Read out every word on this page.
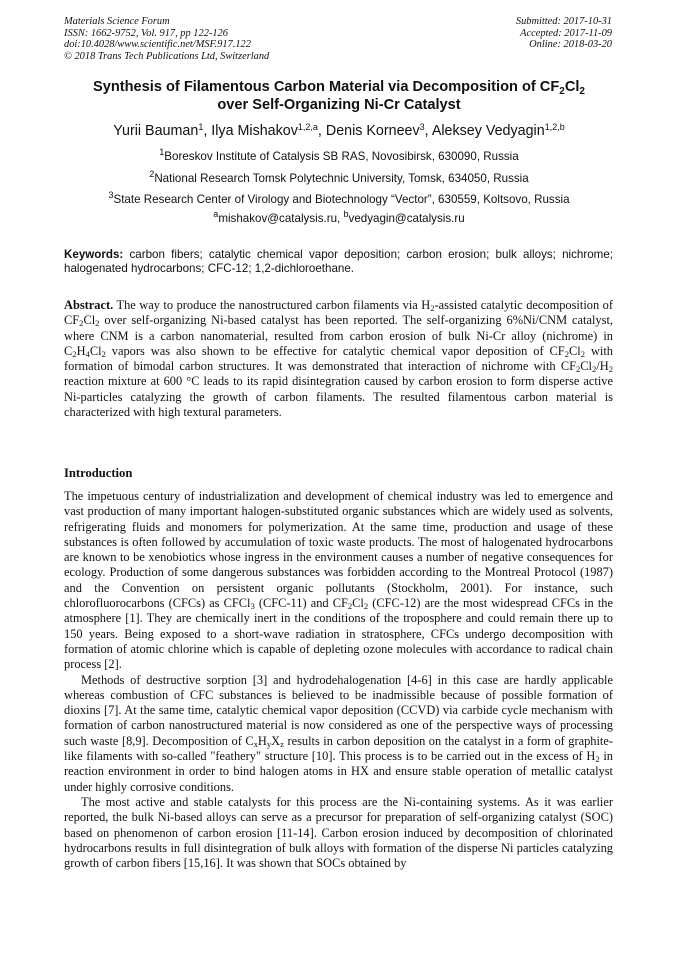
Materials Science Forum
ISSN: 1662-9752, Vol. 917, pp 122-126
doi:10.4028/www.scientific.net/MSF.917.122
© 2018 Trans Tech Publications Ltd, Switzerland
Submitted: 2017-10-31
Accepted: 2017-11-09
Online: 2018-03-20
Synthesis of Filamentous Carbon Material via Decomposition of $CF_2Cl_2$
over Self-Organizing Ni-Cr Catalyst
Yurii Bauman$^1$, Ilya Mishakov$^{1,2,a}$, Denis Korneev$^3$, Aleksey Vedyagin$^{1,2,b}$
$^1$Boreskov Institute of Catalysis SB RAS, Novosibirsk, 630090, Russia
$^2$National Research Tomsk Polytechnic University, Tomsk, 634050, Russia
$^3$State Research Center of Virology and Biotechnology “Vector”, 630559, Koltsovo, Russia
$^a$mishakov@catalysis.ru, $^b$vedyagin@catalysis.ru
Keywords: carbon fibers; catalytic chemical vapor deposition; carbon erosion; bulk alloys; nichrome; halogenated hydrocarbons; CFC-12; 1,2-dichloroethane.

Abstract. The way to produce the nanostructured carbon filaments via $H_2$-assisted catalytic decomposition of $CF_2Cl_2$ over self-organizing Ni-based catalyst has been reported. The self-organizing 6%Ni/CNM catalyst, where CNM is a carbon nanomaterial, resulted from carbon erosion of bulk Ni-Cr alloy (nichrome) in $C_2H_4Cl_2$ vapors was also shown to be effective for catalytic chemical vapor deposition of $CF_2Cl_2$ with formation of bimodal carbon structures. It was demonstrated that interaction of nichrome with $CF_2Cl_2/H_2$ reaction mixture at 600 °C leads to its rapid disintegration caused by carbon erosion to form disperse active Ni-particles catalyzing the growth of carbon filaments. The resulted filamentous carbon material is characterized with high textural parameters.

Introduction

The impetuous century of industrialization and development of chemical industry was led to emergence and vast production of many important halogen-substituted organic substances which are widely used as solvents, refrigerating fluids and monomers for polymerization. At the same time, production and usage of these substances is often followed by accumulation of toxic waste products. The most of halogenated hydrocarbons are known to be xenobiotics whose ingress in the environment causes a number of negative consequences for ecology. Production of some dangerous substances was forbidden according to the Montreal Protocol (1987) and the Convention on persistent organic pollutants (Stockholm, 2001). For instance, such chlorofluorocarbons (CFCs) as CFCl$_3$ (CFC-11) and $CF_2Cl_2$ (CFC-12) are the most widespread CFCs in the atmosphere [1]. They are chemically inert in the conditions of the troposphere and could remain there up to 150 years. Being exposed to a short-wave radiation in stratosphere, CFCs undergo decomposition with formation of atomic chlorine which is capable of depleting ozone molecules with accordance to radical chain process [2].

Methods of destructive sorption [3] and hydrodehalogenation [4-6] in this case are hardly applicable whereas combustion of CFC substances is believed to be inadmissible because of possible formation of dioxins [7]. At the same time, catalytic chemical vapor deposition (CCVD) via carbide cycle mechanism with formation of carbon nanostructured material is now considered as one of the perspective ways of processing such waste [8,9]. Decomposition of $C_xH_yX_z$ results in carbon deposition on the catalyst in a form of graphite-like filaments with so-called "feathery" structure [10]. This process is to be carried out in the excess of $H_2$ in reaction environment in order to bind halogen atoms in HX and ensure stable operation of metallic catalyst under highly corrosive conditions.

The most active and stable catalysts for this process are the Ni-containing systems. As it was earlier reported, the bulk Ni-based alloys can serve as a precursor for preparation of self-organizing catalyst (SOC) based on phenomenon of carbon erosion [11-14]. Carbon erosion induced by decomposition of chlorinated hydrocarbons results in full disintegration of bulk alloys with formation of the disperse Ni particles catalyzing growth of carbon fibers [15,16]. It was shown that SOCs obtained by
